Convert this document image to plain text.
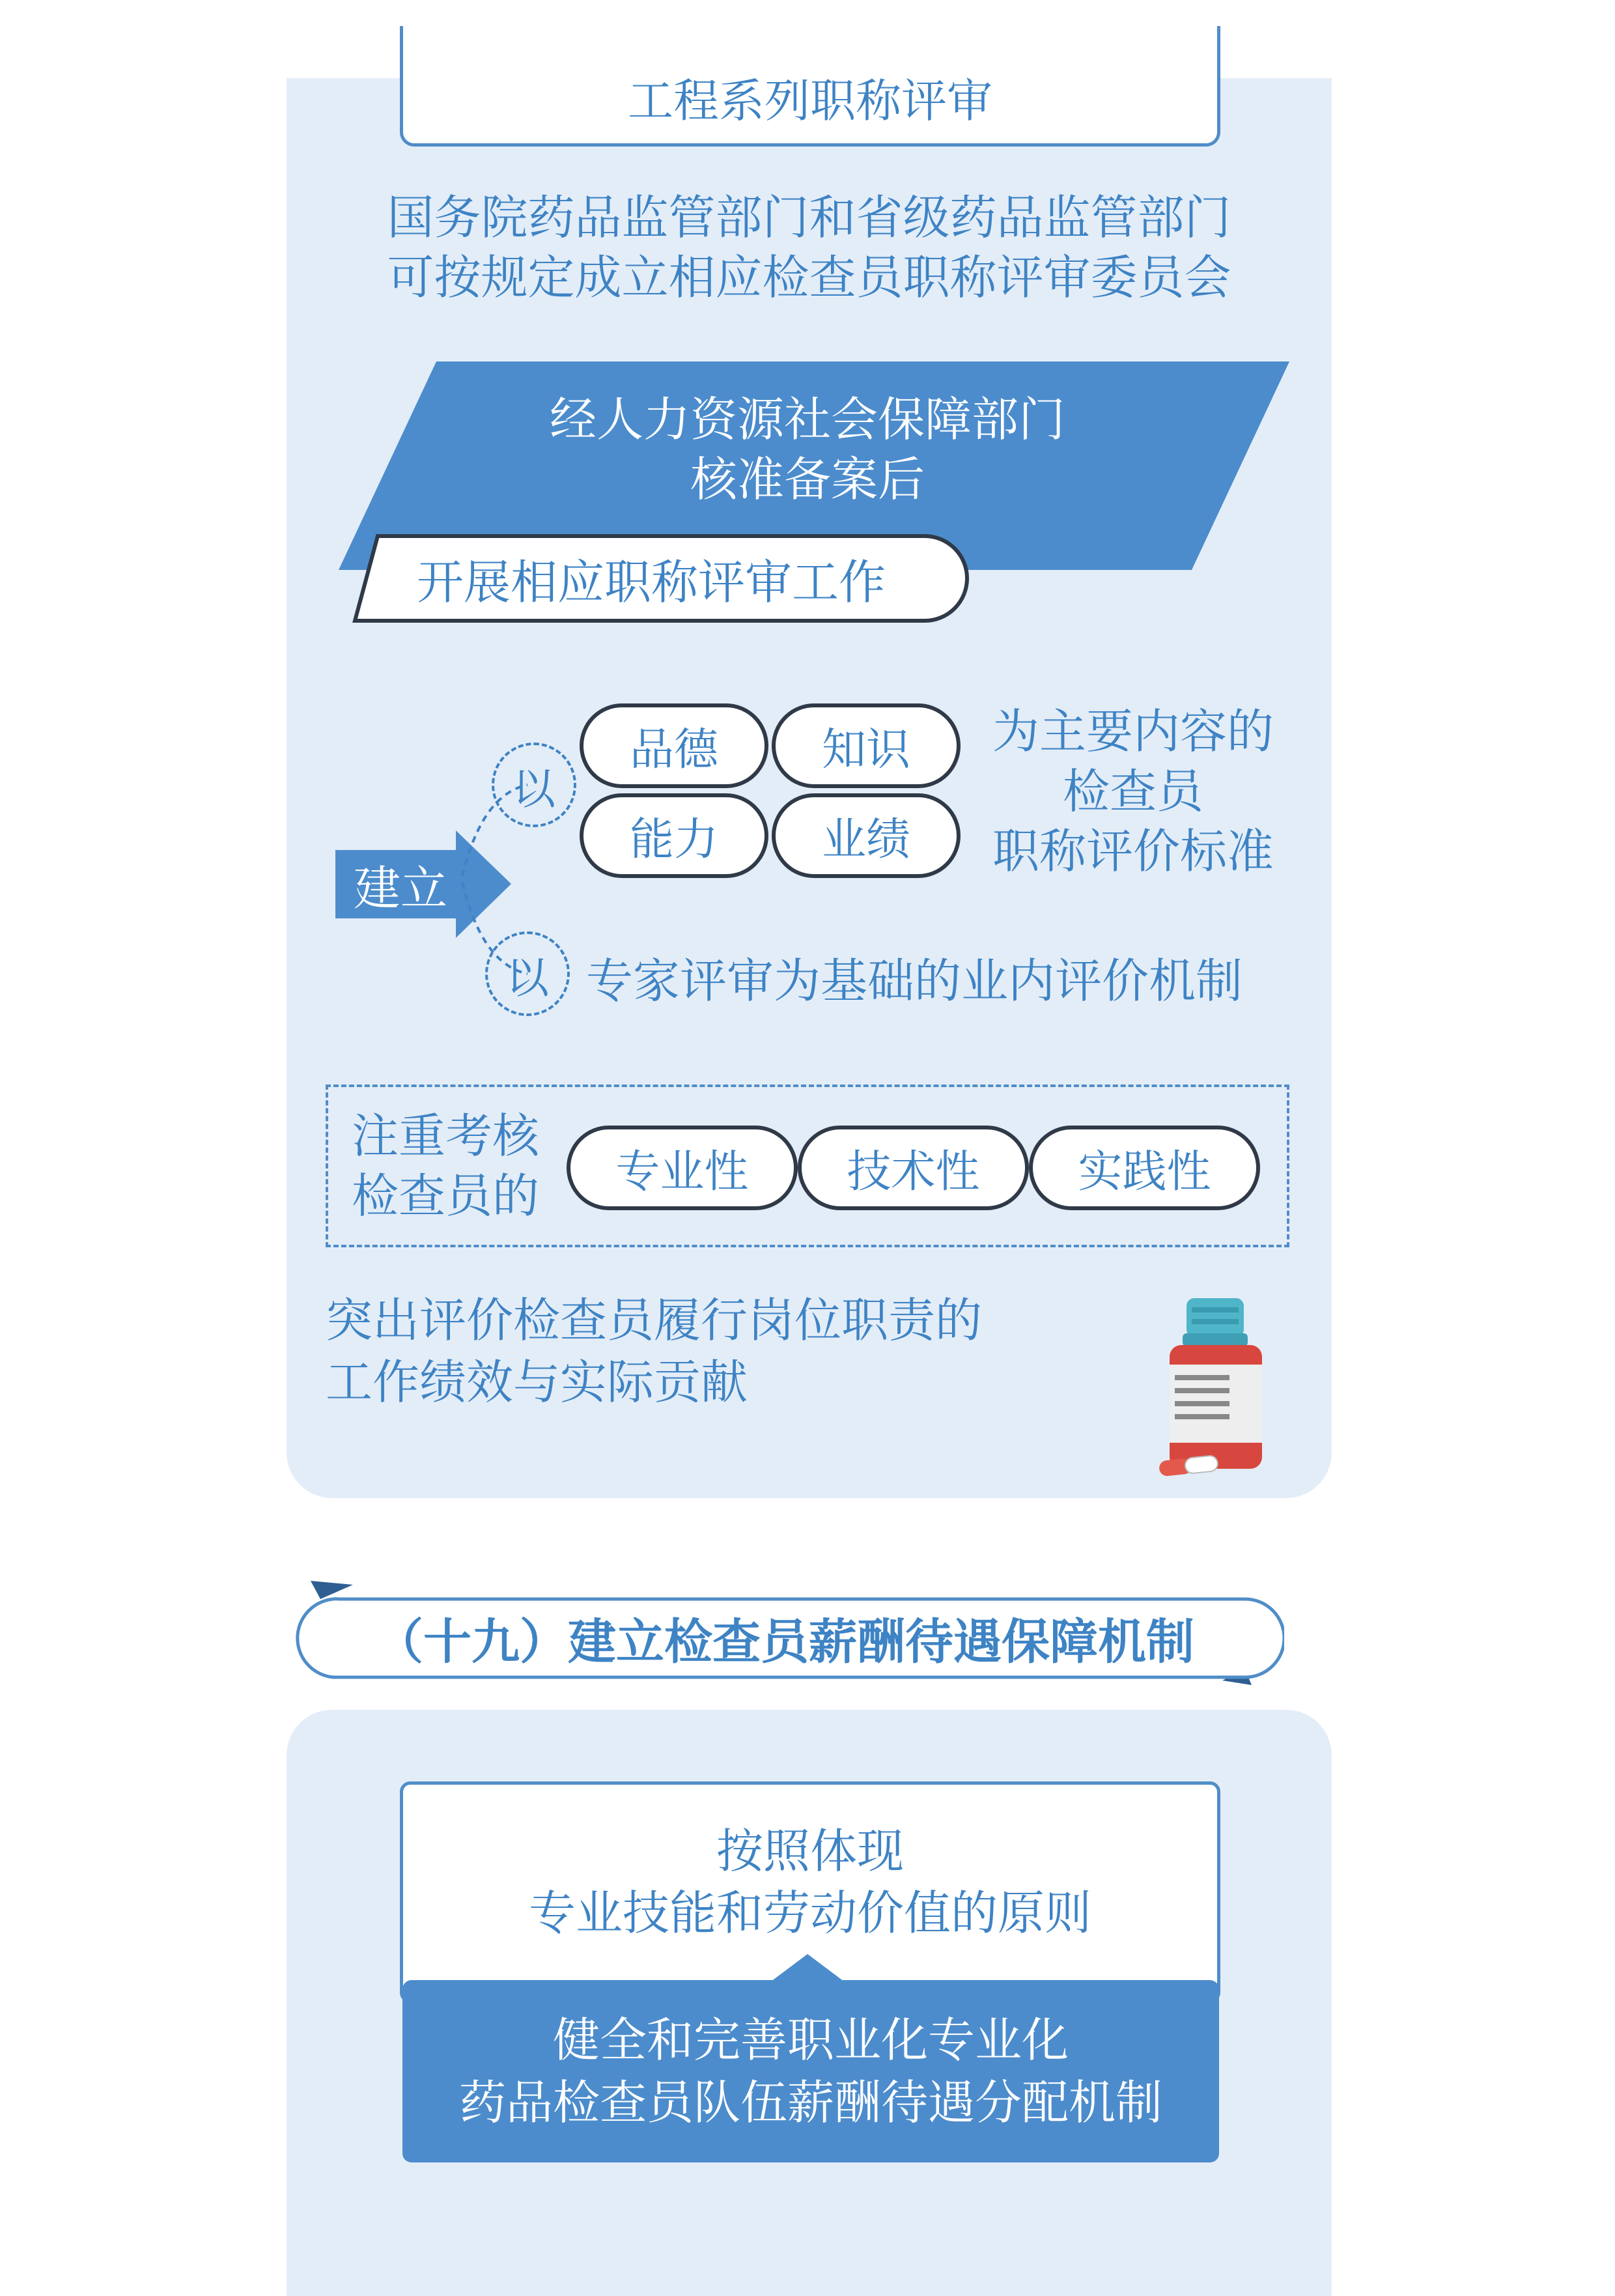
工程系列职称评审
国务院药品监管部门和省级药品监管部门
可按规定成立相应检查员职称评审委员会
经人力资源社会保障部门
核准备案后
开展相应职称评审工作
建立
以
以
品德 知识
能力 业绩
为主要内容的
检查员
职称评价标准
专家评审为基础的业内评价机制
注重考核
检查员的	专业性 技术性 实践性
突出评价检查员履行岗位职责的
工作绩效与实际贡献
（十九）建立检查员薪酬待遇保障机制
按照体现
专业技能和劳动价值的原则
健全和完善职业化专业化
药品检查员队伍薪酬待遇分配机制
